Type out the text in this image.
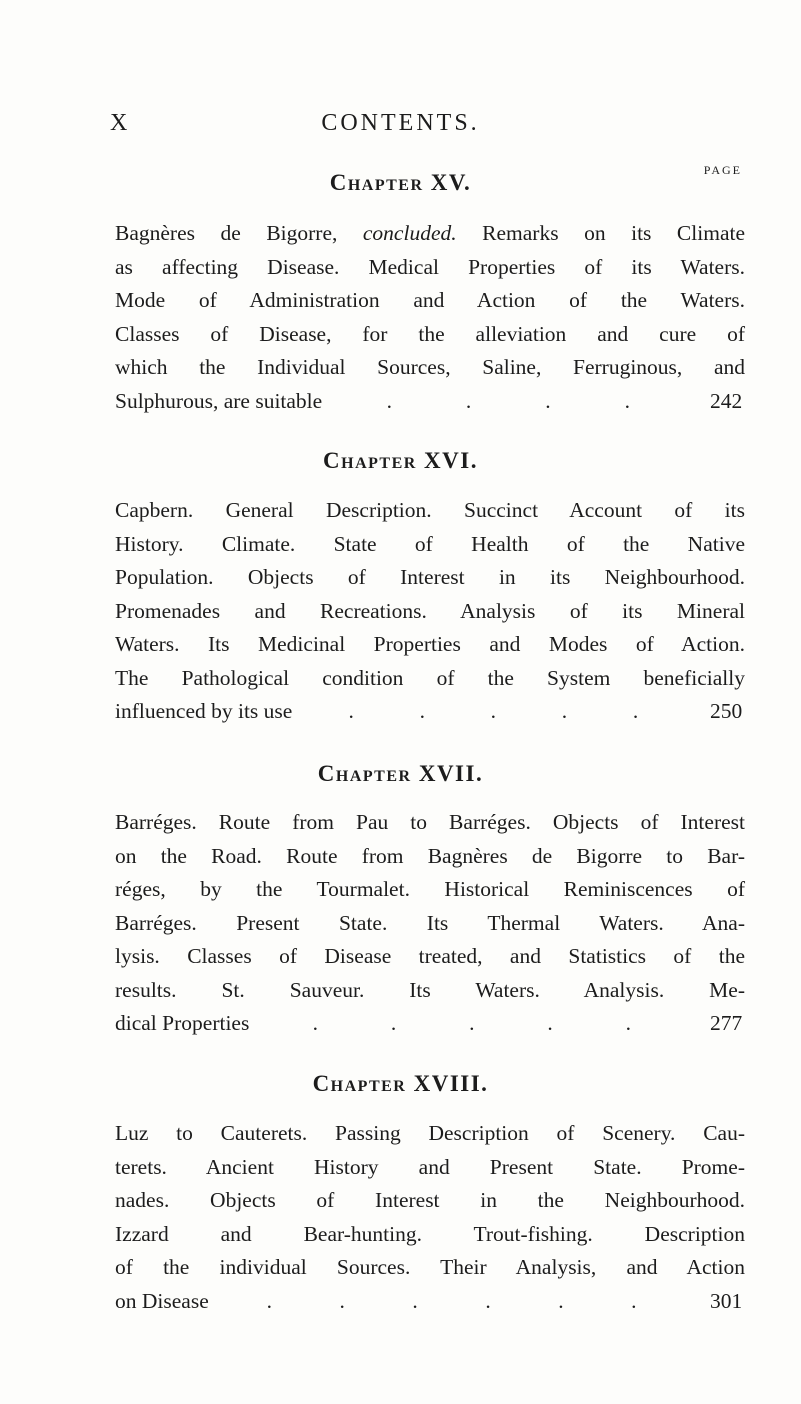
X	CONTENTS.
PAGE
Chapter XV.
Bagnères de Bigorre, concluded. Remarks on its Climate
as affecting Disease. Medical Properties of its Waters.
Mode of Administration and Action of the Waters.
Classes of Disease, for the alleviation and cure of
which the Individual Sources, Saline, Ferruginous, and
Sulphurous, are suitable	.	.	.	.	242
Chapter XVI.
Capbern. General Description. Succinct Account of its
History. Climate. State of Health of the Native
Population. Objects of Interest in its Neighbourhood.
Promenades and Recreations. Analysis of its Mineral
Waters. Its Medicinal Properties and Modes of Action.
The Pathological condition of the System beneficially
influenced by its use	.	.	.	.	.	250
Chapter XVII.
Barréges. Route from Pau to Barréges. Objects of Interest
on the Road. Route from Bagnères de Bigorre to Bar-
réges, by the Tourmalet. Historical Reminiscences of
Barréges. Present State. Its Thermal Waters. Ana-
lysis. Classes of Disease treated, and Statistics of the
results. St. Sauveur. Its Waters. Analysis. Me-
dical Properties	.	.	.	.	.	277
Chapter XVIII.
Luz to Cauterets. Passing Description of Scenery. Cau-
terets. Ancient History and Present State. Prome-
nades. Objects of Interest in the Neighbourhood.
Izzard and Bear-hunting. Trout-fishing. Description
of the individual Sources. Their Analysis, and Action
on Disease	.	.	.	.	.	.	301
